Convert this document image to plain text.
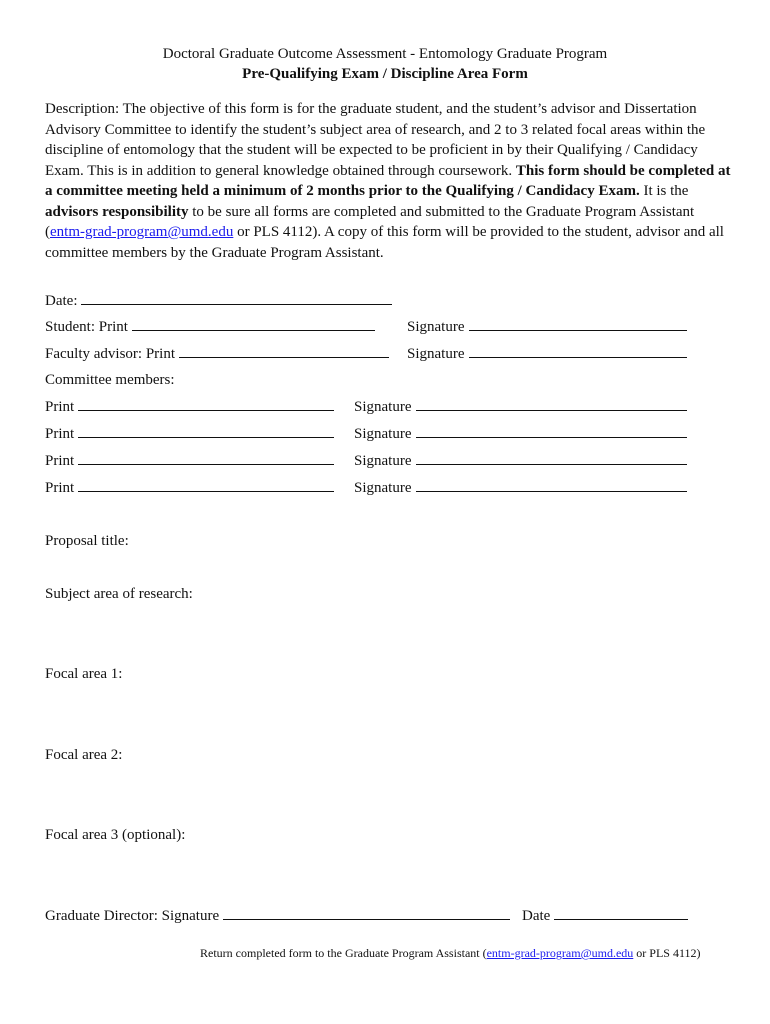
Doctoral Graduate Outcome Assessment - Entomology Graduate Program
Pre-Qualifying Exam / Discipline Area Form
Description: The objective of this form is for the graduate student, and the student’s advisor and Dissertation Advisory Committee to identify the student’s subject area of research, and 2 to 3 related focal areas within the discipline of entomology that the student will be expected to be proficient in by their Qualifying / Candidacy Exam. This is in addition to general knowledge obtained through coursework. This form should be completed at a committee meeting held a minimum of 2 months prior to the Qualifying / Candidacy Exam. It is the advisors responsibility to be sure all forms are completed and submitted to the Graduate Program Assistant (entm-grad-program@umd.edu or PLS 4112). A copy of this form will be provided to the student, advisor and all committee members by the Graduate Program Assistant.
Date:
Student: Print	Signature
Faculty advisor: Print	Signature
Committee members:
Print	Signature
Print	Signature
Print	Signature
Print	Signature
Proposal title:
Subject area of research:
Focal area 1:
Focal area 2:
Focal area 3 (optional):
Graduate Director: Signature	Date
Return completed form to the Graduate Program Assistant (entm-grad-program@umd.edu or PLS 4112)
